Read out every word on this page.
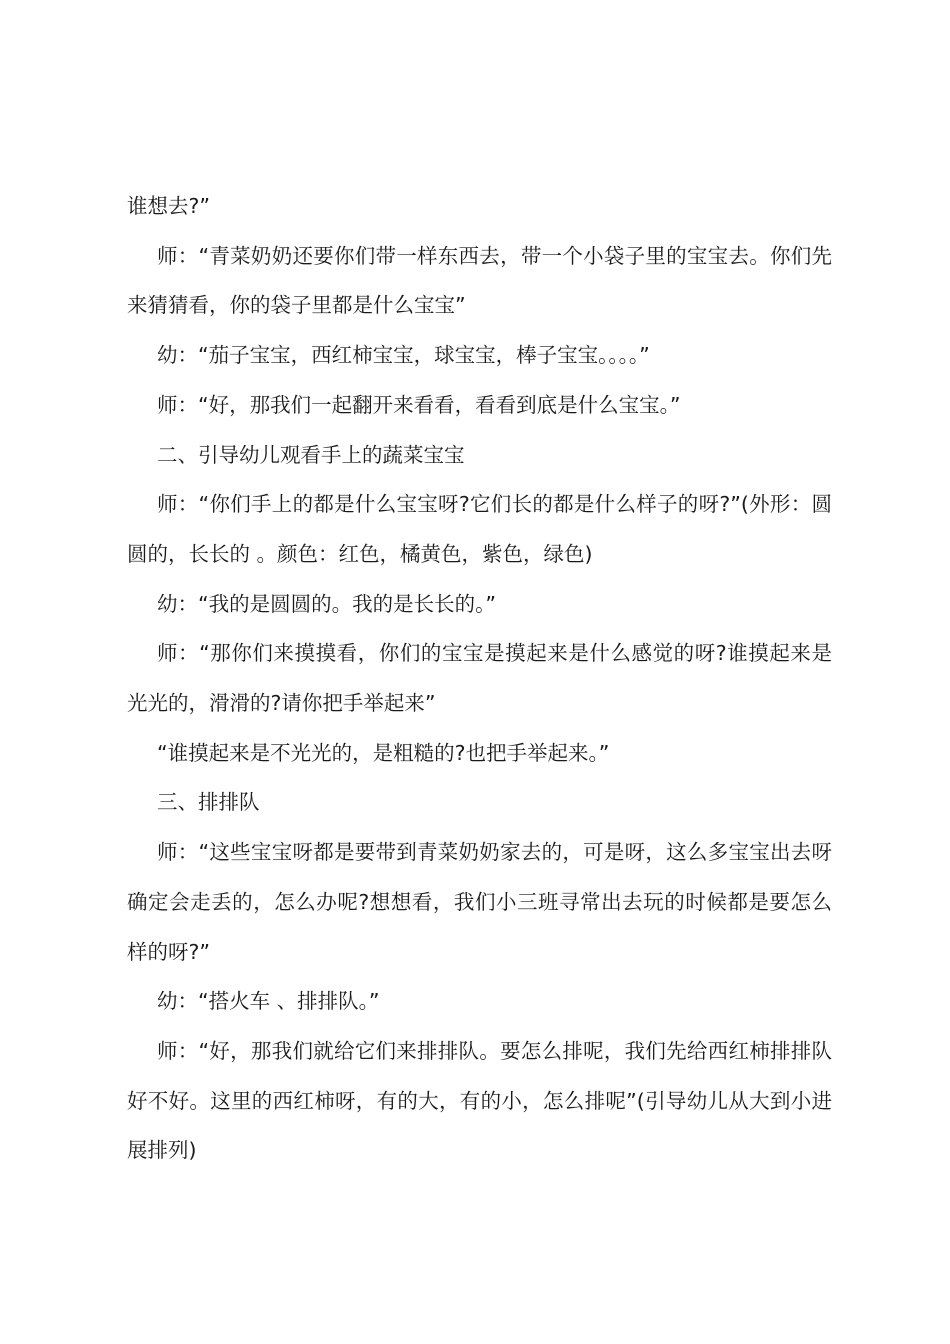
谁想去?”

师：“青菜奶奶还要你们带一样东西去，带一个小袋子里的宝宝去。你们先来猜猜看，你的袋子里都是什么宝宝”

幼：“茄子宝宝，西红柿宝宝，球宝宝，棒子宝宝。。。。”

师：“好，那我们一起翻开来看看，看看到底是什么宝宝。”

二、引导幼儿观看手上的蔬菜宝宝

师：“你们手上的都是什么宝宝呀?它们长的都是什么样子的呀?”(外形：圆圆的，长长的 。颜色：红色，橘黄色，紫色，绿色)

幼：“我的是圆圆的。我的是长长的。”

师：“那你们来摸摸看，你们的宝宝是摸起来是什么感觉的呀?谁摸起来是光光的，滑滑的?请你把手举起来”

“谁摸起来是不光光的，是粗糙的?也把手举起来。”

三、排排队

师：“这些宝宝呀都是要带到青菜奶奶家去的，可是呀，这么多宝宝出去呀确定会走丢的，怎么办呢?想想看，我们小三班寻常出去玩的时候都是要怎么样的呀?”

幼：“搭火车 、排排队。”

师：“好，那我们就给它们来排排队。要怎么排呢，我们先给西红柿排排队好不好。这里的西红柿呀，有的大，有的小，怎么排呢”(引导幼儿从大到小进展排列)
